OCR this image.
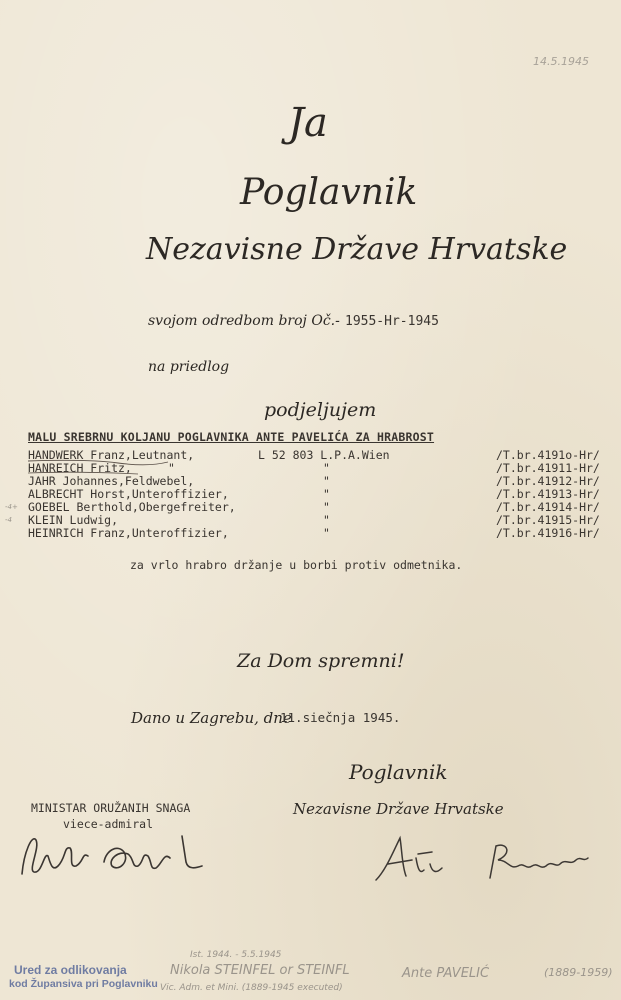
14.5.1945
Ja
Poglavnik
Nezavisne Države Hrvatske
svojom odredbom broj Oč.- 1955-Hr-1945
na priedlog
podjeljujem
MALU SREBRNU KOLJANU POGLAVNIKA ANTE PAVELIĆA ZA HRABROST
HANDWERK Franz,Leutnant,	L 52 803 L.P.A.Wien	/T.br.4191o-Hr/
HANREICH Fritz,	"	"	/T.br.41911-Hr/
JAHR Johannes,Feldwebel,	"	/T.br.41912-Hr/
ALBRECHT Horst,Unteroffizier,	"	/T.br.41913-Hr/
GOEBEL Berthold,Obergefreiter,	"	/T.br.41914-Hr/
KLEIN Ludwig,	"	/T.br.41915-Hr/
HEINRICH Franz,Unteroffizier,	"	/T.br.41916-Hr/
za vrlo hrabro držanje u borbi protiv odmetnika.
-4+
-4
Za Dom spremni!
Dano u Zagrebu, dne
11.siečnja 1945.
Poglavnik
Nezavisne Države Hrvatske
MINISTAR ORUŽANIH SNAGA
viece-admiral
Ured za odlikovanja
kod Župansiva pri Poglavniku
Ist. 1944. - 5.5.1945
Nikola STEINFEL or STEINFL
Vic. Adm. et Mini. (1889-1945 executed)
Ante PAVELIĆ	(1889-1959)
